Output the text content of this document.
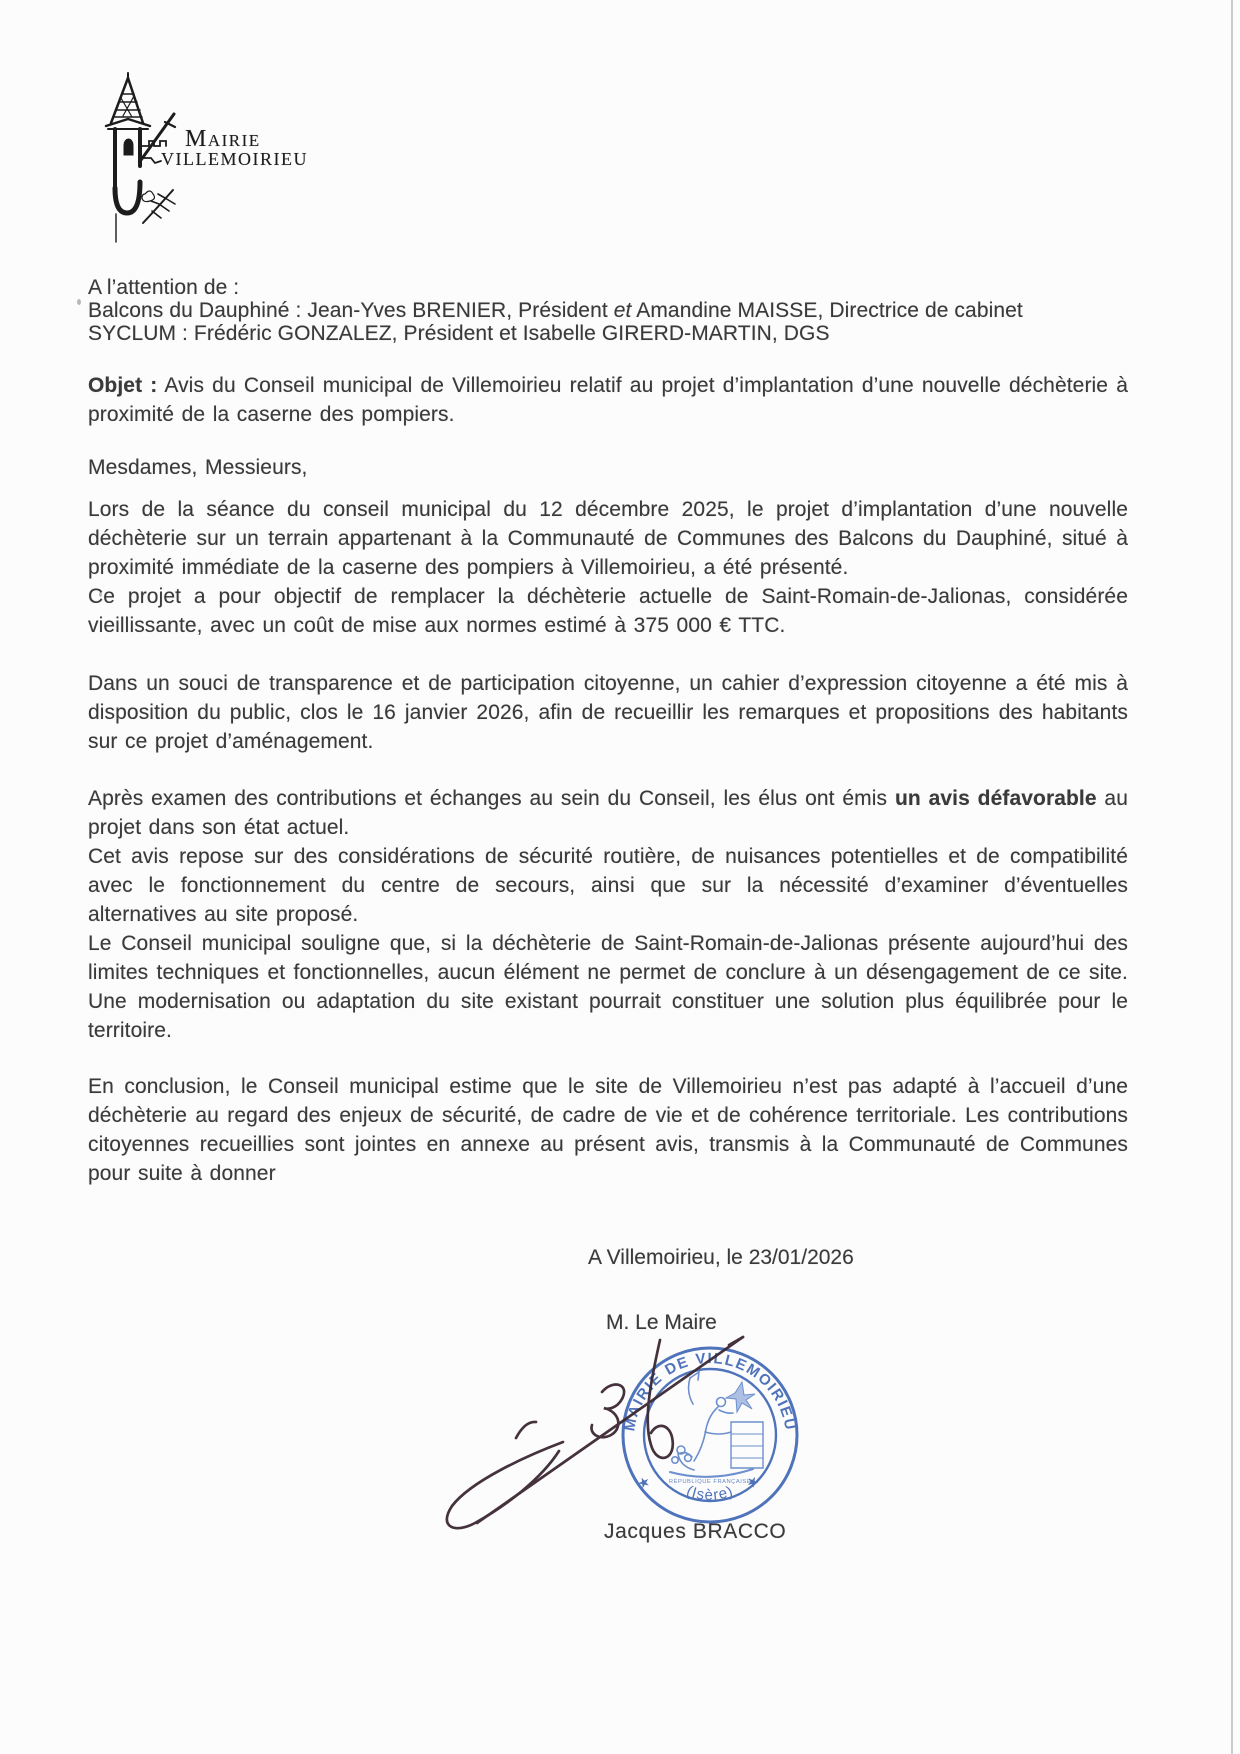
Mairie
VILLEMOIRIEU
A l’attention de :
Balcons du Dauphiné : Jean-Yves BRENIER, Président et Amandine MAISSE, Directrice de cabinet
SYCLUM : Frédéric GONZALEZ, Président et Isabelle GIRERD-MARTIN, DGS
Objet : Avis du Conseil municipal de Villemoirieu relatif au projet d’implantation d’une nouvelle déchèterie à proximité de la caserne des pompiers.
Mesdames, Messieurs,
Lors de la séance du conseil municipal du 12 décembre 2025, le projet d’implantation d’une nouvelle déchèterie sur un terrain appartenant à la Communauté de Communes des Balcons du Dauphiné, situé à proximité immédiate de la caserne des pompiers à Villemoirieu, a été présenté.
Ce projet a pour objectif de remplacer la déchèterie actuelle de Saint-Romain-de-Jalionas, considérée vieillissante, avec un coût de mise aux normes estimé à 375 000 € TTC.
Dans un souci de transparence et de participation citoyenne, un cahier d’expression citoyenne a été mis à disposition du public, clos le 16 janvier 2026, afin de recueillir les remarques et propositions des habitants sur ce projet d’aménagement.
Après examen des contributions et échanges au sein du Conseil, les élus ont émis un avis défavorable au projet dans son état actuel.
Cet avis repose sur des considérations de sécurité routière, de nuisances potentielles et de compatibilité avec le fonctionnement du centre de secours, ainsi que sur la nécessité d’examiner d’éventuelles alternatives au site proposé.
Le Conseil municipal souligne que, si la déchèterie de Saint-Romain-de-Jalionas présente aujourd’hui des limites techniques et fonctionnelles, aucun élément ne permet de conclure à un désengagement de ce site. Une modernisation ou adaptation du site existant pourrait constituer une solution plus équilibrée pour le territoire.
En conclusion, le Conseil municipal estime que le site de Villemoirieu n’est pas adapté à l’accueil d’une déchèterie au regard des enjeux de sécurité, de cadre de vie et de cohérence territoriale. Les contributions citoyennes recueillies sont jointes en annexe au présent avis, transmis à la Communauté de Communes pour suite à donner
A Villemoirieu, le 23/01/2026
M. Le Maire
MAIRIE DE VILLEMOIRIEU
(Isère)
★	★
RÉPUBLIQUE FRANÇAISE
Jacques BRACCO
